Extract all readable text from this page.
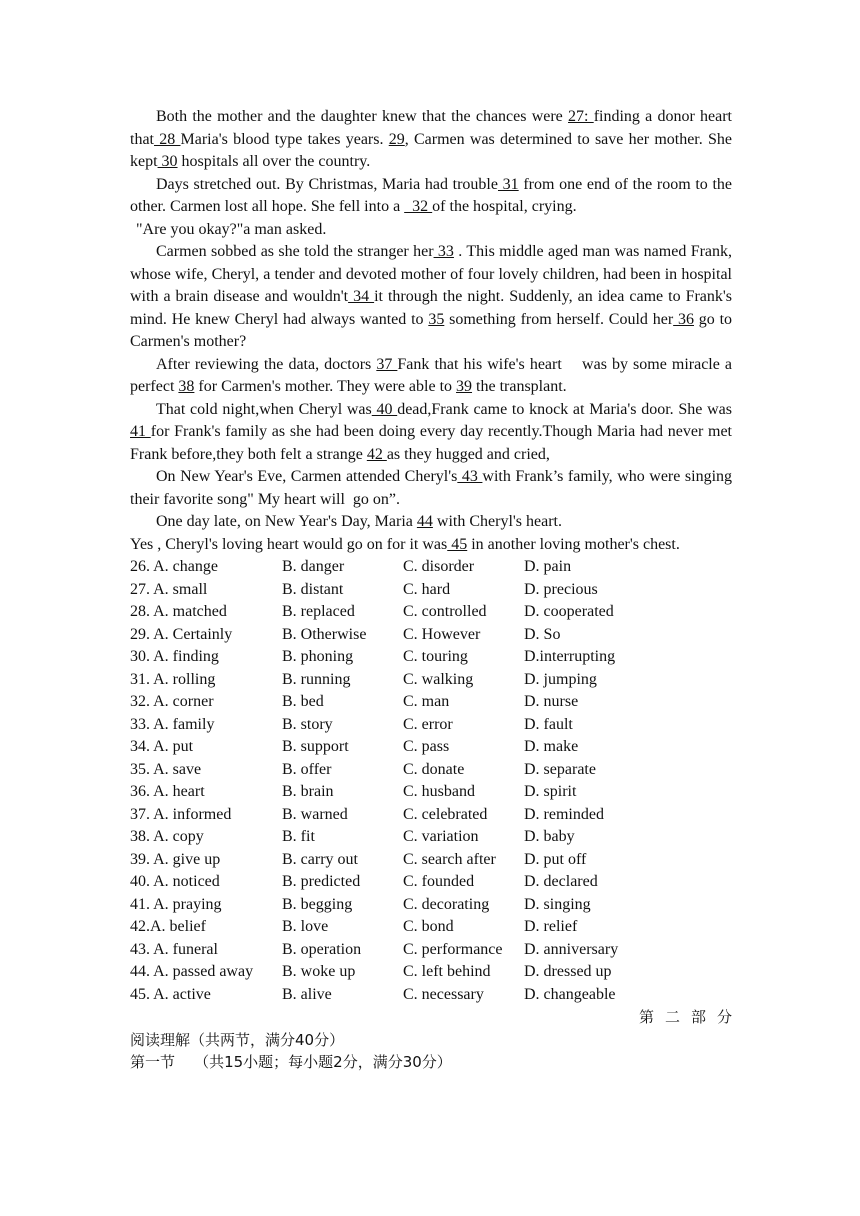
Both the mother and the daughter knew that the chances were 27: finding a donor heart that 28 Maria's blood type takes years. 29, Carmen was determined to save her mother. She kept 30 hospitals all over the country.

Days stretched out. By Christmas, Maria had trouble 31 from one end of the room to the other. Carmen lost all hope. She fell into a   32 of the hospital, crying.

"Are you okay?"a man asked.

Carmen sobbed as she told the stranger her 33 . This middle aged man was named Frank, whose wife, Cheryl, a tender and devoted mother of four lovely children, had been in hospital with a brain disease and wouldn't 34 it through the night. Suddenly, an idea came to Frank's mind. He knew Cheryl had always wanted to 35 something from herself. Could her 36 go to Carmen's mother?

After reviewing the data, doctors 37 Fank that his wife's heart    was by some miracle a perfect 38 for Carmen's mother. They were able to 39 the transplant.

That cold night,when Cheryl was 40 dead,Frank came to knock at Maria's door. She was 41 for Frank's family as she had been doing every day recently.Though Maria had never met Frank before,they both felt a strange 42 as they hugged and cried,

On New Year's Eve, Carmen attended Cheryl's 43 with Frank’s family, who were singing their favorite song" My heart will  go on”.

One day late, on New Year's Day, Maria 44 with Cheryl's heart.

Yes , Cheryl's loving heart would go on for it was 45 in another loving mother's chest.

26. A. change	B. danger	C. disorder	D. pain
27. A. small	B. distant	C. hard	D. precious
28. A. matched	B. replaced	C. controlled	D. cooperated
29. A. Certainly	B. Otherwise	C. However	D. So
30. A. finding	B. phoning	C. touring	D.interrupting
31. A. rolling	B. running	C. walking	D. jumping
32. A. corner	B. bed	C. man	D. nurse
33. A. family	B. story	C. error	D. fault
34. A. put	B. support	C. pass	D. make
35. A. save	B. offer	C. donate	D. separate
36. A. heart	B. brain	C. husband	D. spirit
37. A. informed	B. warned	C. celebrated	D. reminded
38. A. copy	B. fit	C. variation	D. baby
39. A. give up	B. carry out	C. search after	D. put off
40. A. noticed	B. predicted	C. founded	D. declared
41. A. praying	B. begging	C. decorating	D. singing
42.A. belief	B. love	C. bond	D. relief
43. A. funeral	B. operation	C. performance	D. anniversary
44. A. passed away	B. woke up	C. left behind	D. dressed up
45. A. active	B. alive	C. necessary	D. changeable
第二部分
阅读理解（共两节，满分40分）
第一节    （共15小题；每小题2分，满分30分）
